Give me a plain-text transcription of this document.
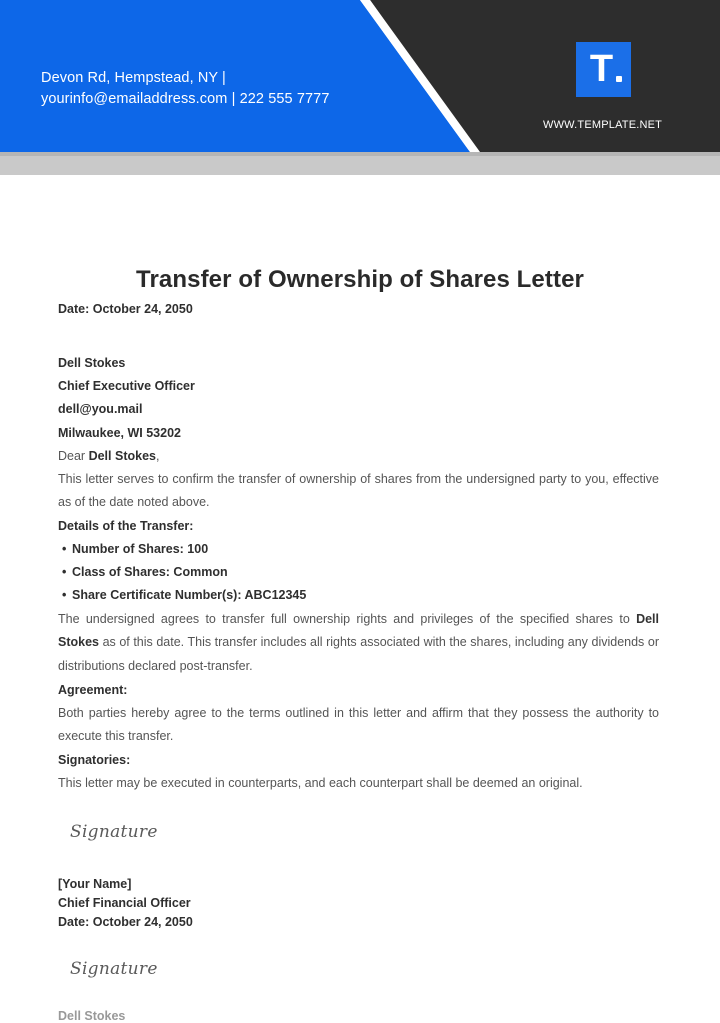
Devon Rd, Hempstead, NY |
yourinfo@emailaddress.com | 222 555 7777
T
WWW.TEMPLATE.NET
Transfer of Ownership of Shares Letter
Date: October 24, 2050
Dell Stokes
Chief Executive Officer
dell@you.mail
Milwaukee, WI 53202
Dear Dell Stokes,
This letter serves to confirm the transfer of ownership of shares from the undersigned party to you, effective as of the date noted above.
Details of the Transfer:
• Number of Shares: 100
• Class of Shares: Common
• Share Certificate Number(s): ABC12345
The undersigned agrees to transfer full ownership rights and privileges of the specified shares to Dell Stokes as of this date. This transfer includes all rights associated with the shares, including any dividends or distributions declared post-transfer.
Agreement:
Both parties hereby agree to the terms outlined in this letter and affirm that they possess the authority to execute this transfer.
Signatories:
This letter may be executed in counterparts, and each counterpart shall be deemed an original.
Signature
[Your Name]
Chief Financial Officer
Date: October 24, 2050
Signature
Dell Stokes
